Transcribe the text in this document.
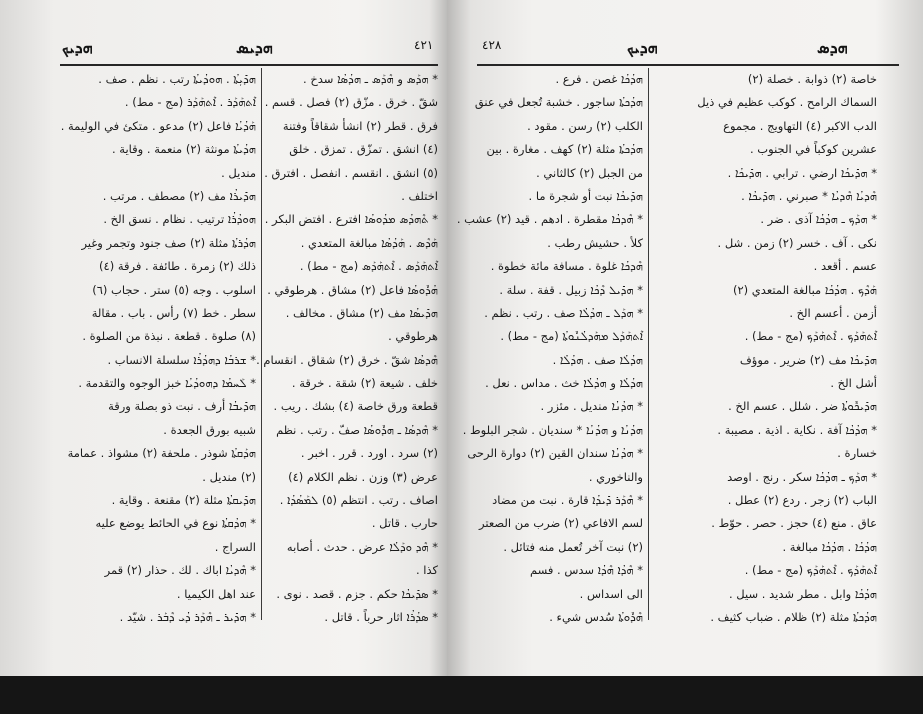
ܗܕܝܟ	ܗܕܝܣ	٤٢١
ܗܕܺܝܼܬܳܐ . ܗܘܕܳܝܬܳܐ رتب . نظم . صف .
ܐܶܬܗܰܕܰܪ . ܐܶܬܗܰܕܰܪ (مج - مط) .
ܗܰܕܳܝܳܐ فاعل (٢) مدعو . متكئ في الوليمة .
ܗܕܳܝܬܳܐ مونثة (٢) منعمة . وقاية .
منديل .
ܗܕܺܝܪܳܐ مف (٢) مصطف . مرتب .
ܗܘܕܳܪܳܐ ترتيب . نظام . نسق الخ .
ܗܕܳܪܬܳܐ مثلة (٢) صف جنود وتجمر وغير
ذلك (٢) زمرة . طائفة . فرقة (٤)
اسلوب . وجه (٥) ستر . حجاب (٦)
سطر . خط (٧) رأس . باب . مقالة
(٨) صلوة . قطعة . نبذة من الصلوة .
* ܫܪܒܳܐ ܕܗܕܳܪܳܐ سلسلة الانساب .
* ܠܰܚܡܳܐ ܕܗܘܕܳܝܳܐ خبز الوجوه والتقدمة .
ܗܕܺܝܒܳܐ أرف . نبت ذو بصلة ورقة
شبيه بورق الجعدة .
ܗܕܰܩܬܳܐ شوذر . ملحفة (٢) مشواذ . عمامة
(٢) منديل .
ܗܕܺܝܩܬܳܐ مثلة (٢) مقنعة . وقاية .
* ܗܕܳܩܬܳܐ نوع في الحائط يوضع عليه
السراج .
* ܗܶܕܝܳܐ اباك . لك . حذار (٢) قمر
عند اهل الكيميا .
* ܗܕܺܝܪ ـ ܗܶܕܰܪ ܕܳܝ ܕܶܒܰܪ . شيّد .
* ܗܕܰܣ و ܗܶܕܰܣ ـ ܗܕܳܣܳܐ سدخ .
شقّ . خرق . مزّق (٢) فصل . قسم .
فرق . قطر (٢) انشأ شقاقاً وفتنة
(٤) انشق . تمزّق . تمزق . خلق
(٥) انشق . انقسم . انفصل . افترق .
اختلف .
* ܬܶܗܕܳܣ ܡܕܳܘܣܳܐ افترع . افتض البكر .
ܗܰܕܶܣ . ܗܰܕܳܣܳܐ مبالغة المتعدي .
ܐܶܬܗܰܕܰܣ . ܐܶܬܗܰܕܰܣ (مج - مط) .
ܗܳܕܽܘܣܳܐ فاعل (٢) مشاق . هرطوقي .
ܗܕܺܝܣܳܐ مف (٢) مشاق . مخالف .
هرطوقي .
ܗܶܕܣܳܐ شقّ . خرق (٢) شقاق . انقسام .
خلف . شيعة (٢) شقة . خرقة .
قطعة ورق خاصة (٤) بشك . ريب .
* ܗܶܕܣܳܐ ـ ܗܕܽܘܣܳܐ صفّ . رتب . نظم
(٢) سرد . اورد . قرر . اخبر .
عرض (٣) وزن . نظم الكلام (٤)
اصاف . رتب . انتظم (٥) ܠܡܰܣܳܕܳܐ .
حارب . قاتل .
* ܗܶܕ ܘܕܰܠܳܐ عرض . حدث . أصابه
كذا .
* ܣܕܺܝܟܳܐ حكم . جزم . قصد . نوى .
* ܣܕܳܪܳܐ اثار حرباً . قاتل .
٤٢٨	ܗܕܝܟ	ܗܕܣ
ܗܕܳܟܳܐ غصن . فرع .
ܗܕܳܟܬܳܐ ساجور . خشبة تُجعل في عنق
الكلب (٢) رسن . مقود .
ܗܕܳܟܬܳܐ مثلة (٢) كهف . مغارة . بين
من الجبل (٢) كالثاني .
ܗܕܺܝܟܳܐ نبت أو شجرة ما .
* ܗܶܕܟܳܐ مقطرة . ادهم . قيد (٢) عشب .
كلأ . حشيش رطب .
ܗܶܕܟܳܐ غلوة . مسافة مائة خطوة .
* ܗܕܺܝܠ ܕܶܟܳܐ زبيل . قفة . سلة .
* ܗܕܰܠ ـ ܗܕܳܠܳܐ صف . رتب . نظم .
ܐܶܬܗܰܕܰܠ ܡܗܰܕܠܳܢܽܘܬܳܐ (مج - مط) .
ܗܕܳܠܳܐ صف . ܗܕܳܠܳܐ .
ܗܕܳܠܳܐ و ܗܕܳܠܳܐ خث . مداس . نعل .
* ܗܕܳܢܳܐ منديل . مئزر .
ܗܕܳܢܳܐ و ܗܕܳܢܳܐ * سنديان . شجر البلوط .
* ܗܕܳܢܳܐ سندان القين (٢) دوارة الرحى
والناخوري .
* ܗܶܕܰܪ ܕܺܝܕܳܐ قارة . نبت من مضاد
لسم الافاعي (٢) ضرب من الصعتر
(٢) نبت آخر تُعمل منه فتائل .
* ܗܶܕܳܐ ܗܶܕܳܐ سدس . فسم
الى اسداس .
ܗܶܕܽܘܬܳܐ سُدس شيء .
خاصة (٢) ذوابة . خصلة (٢)
السماك الرامح . كوكب عظيم في ذيل
الدب الاكبر (٤) التهاويج . مجموع
عشرين كوكباً في الجنوب .
* ܗܕܺܝܟܳܐ ارضي . ترابي . ܗܕܺܝܟܳܐ .
ܗܶܕܝܳܐ ܗܶܕܝܳܐ * صبرني . ܗܕܺܝܟܳܐ .
* ܗܕܰܟ ـ ܗܕܳܟܳܐ آذى . ضر .
نكى . آف . خسر (٢) زمن . شل .
عسم . أقعد .
ܗܰܕܶܟ . ܗܕܳܟܳܐ مبالغة المتعدي (٢)
أزمن . أعسم الخ .
ܐܶܬܗܰܕܰܟ . ܐܶܬܗܰܕܰܟ (مج - مط) .
ܗܕܺܝܟܳܐ مف (٢) ضرير . موؤف
أشل الخ .
ܗܕܺܝܟܽܘܬܳܐ ضر . شلل . عسم الخ .
* ܗܕܳܟܳܐ آفة . نكاية . اذية . مصيبة .
خسارة .
* ܗܕܰܟ ـ ܗܕܳܟܳܐ سكر . رنج . اوصد
الباب (٢) زجر . ردع (٢) عطل .
عاق . منع (٤) حجز . حصر . حوّط .
ܗܕܳܟܳܐ . ܗܕܳܟܳܐ مبالغة .
ܐܶܬܗܰܕܰܟ . ܐܶܬܗܰܕܰܟ (مج - مط) .
ܗܕܳܟܳܐ وابل . مطر شديد . سيل .
ܗܕܳܟܬܳܐ مثلة (٢) ظلام . ضباب كثيف .
